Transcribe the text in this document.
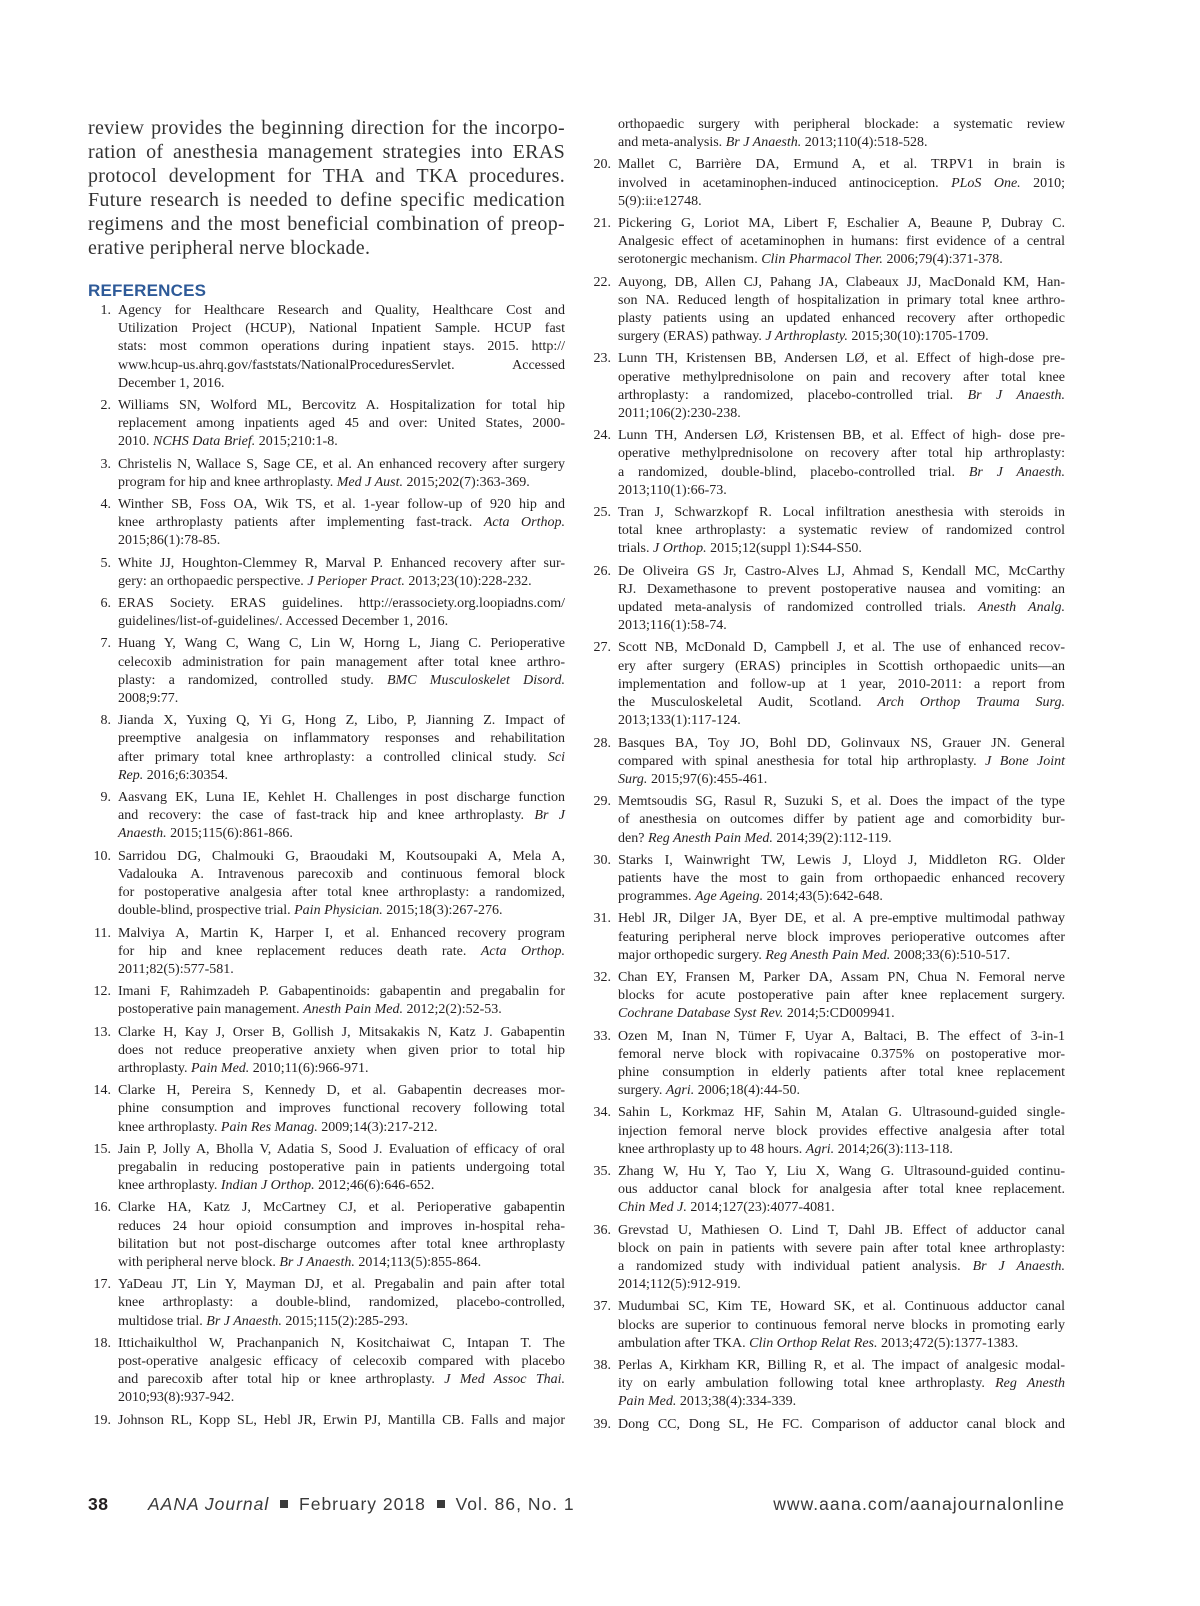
review provides the beginning direction for the incorpo-
ration of anesthesia management strategies into ERAS
protocol development for THA and TKA procedures.
Future research is needed to define specific medication
regimens and the most beneficial combination of preop-
erative peripheral nerve blockade.
REFERENCES
1. Agency for Healthcare Research and Quality, Healthcare Cost and
Utilization Project (HCUP), National Inpatient Sample. HCUP fast
stats: most common operations during inpatient stays. 2015. http://
www.hcup-us.ahrq.gov/faststats/NationalProceduresServlet. Accessed
December 1, 2016.
2. Williams SN, Wolford ML, Bercovitz A. Hospitalization for total hip
replacement among inpatients aged 45 and over: United States, 2000-
2010. NCHS Data Brief. 2015;210:1-8.
3. Christelis N, Wallace S, Sage CE, et al. An enhanced recovery after surgery
program for hip and knee arthroplasty. Med J Aust. 2015;202(7):363-369.
4. Winther SB, Foss OA, Wik TS, et al. 1-year follow-up of 920 hip and
knee arthroplasty patients after implementing fast-track. Acta Orthop.
2015;86(1):78-85.
5. White JJ, Houghton-Clemmey R, Marval P. Enhanced recovery after sur-
gery: an orthopaedic perspective. J Perioper Pract. 2013;23(10):228-232.
6. ERAS Society. ERAS guidelines. http://erassociety.org.loopiadns.com/
guidelines/list-of-guidelines/. Accessed December 1, 2016.
7. Huang Y, Wang C, Wang C, Lin W, Horng L, Jiang C. Perioperative
celecoxib administration for pain management after total knee arthro-
plasty: a randomized, controlled study. BMC Musculoskelet Disord.
2008;9:77.
8. Jianda X, Yuxing Q, Yi G, Hong Z, Libo, P, Jianning Z. Impact of
preemptive analgesia on inflammatory responses and rehabilitation
after primary total knee arthroplasty: a controlled clinical study. Sci
Rep. 2016;6:30354.
9. Aasvang EK, Luna IE, Kehlet H. Challenges in post discharge function
and recovery: the case of fast-track hip and knee arthroplasty. Br J
Anaesth. 2015;115(6):861-866.
10. Sarridou DG, Chalmouki G, Braoudaki M, Koutsoupaki A, Mela A,
Vadalouka A. Intravenous parecoxib and continuous femoral block
for postoperative analgesia after total knee arthroplasty: a randomized,
double-blind, prospective trial. Pain Physician. 2015;18(3):267-276.
11. Malviya A, Martin K, Harper I, et al. Enhanced recovery program
for hip and knee replacement reduces death rate. Acta Orthop.
2011;82(5):577-581.
12. Imani F, Rahimzadeh P. Gabapentinoids: gabapentin and pregabalin for
postoperative pain management. Anesth Pain Med. 2012;2(2):52-53.
13. Clarke H, Kay J, Orser B, Gollish J, Mitsakakis N, Katz J. Gabapentin
does not reduce preoperative anxiety when given prior to total hip
arthroplasty. Pain Med. 2010;11(6):966-971.
14. Clarke H, Pereira S, Kennedy D, et al. Gabapentin decreases mor-
phine consumption and improves functional recovery following total
knee arthroplasty. Pain Res Manag. 2009;14(3):217-212.
15. Jain P, Jolly A, Bholla V, Adatia S, Sood J. Evaluation of efficacy of oral
pregabalin in reducing postoperative pain in patients undergoing total
knee arthroplasty. Indian J Orthop. 2012;46(6):646-652.
16. Clarke HA, Katz J, McCartney CJ, et al. Perioperative gabapentin
reduces 24 hour opioid consumption and improves in-hospital reha-
bilitation but not post-discharge outcomes after total knee arthroplasty
with peripheral nerve block. Br J Anaesth. 2014;113(5):855-864.
17. YaDeau JT, Lin Y, Mayman DJ, et al. Pregabalin and pain after total
knee arthroplasty: a double-blind, randomized, placebo-controlled,
multidose trial. Br J Anaesth. 2015;115(2):285-293.
18. Ittichaikulthol W, Prachanpanich N, Kositchaiwat C, Intapan T. The
post-operative analgesic efficacy of celecoxib compared with placebo
and parecoxib after total hip or knee arthroplasty. J Med Assoc Thai.
2010;93(8):937-942.
19. Johnson RL, Kopp SL, Hebl JR, Erwin PJ, Mantilla CB. Falls and major
orthopaedic surgery with peripheral blockade: a systematic review
and meta-analysis. Br J Anaesth. 2013;110(4):518-528.
20. Mallet C, Barrière DA, Ermund A, et al. TRPV1 in brain is
involved in acetaminophen-induced antinociception. PLoS One. 2010;
5(9):ii:e12748.
21. Pickering G, Loriot MA, Libert F, Eschalier A, Beaune P, Dubray C.
Analgesic effect of acetaminophen in humans: first evidence of a central
serotonergic mechanism. Clin Pharmacol Ther. 2006;79(4):371-378.
22. Auyong, DB, Allen CJ, Pahang JA, Clabeaux JJ, MacDonald KM, Han-
son NA. Reduced length of hospitalization in primary total knee arthro-
plasty patients using an updated enhanced recovery after orthopedic
surgery (ERAS) pathway. J Arthroplasty. 2015;30(10):1705-1709.
23. Lunn TH, Kristensen BB, Andersen LØ, et al. Effect of high-dose pre-
operative methylprednisolone on pain and recovery after total knee
arthroplasty: a randomized, placebo-controlled trial. Br J Anaesth.
2011;106(2):230-238.
24. Lunn TH, Andersen LØ, Kristensen BB, et al. Effect of high- dose pre-
operative methylprednisolone on recovery after total hip arthroplasty:
a randomized, double-blind, placebo-controlled trial. Br J Anaesth.
2013;110(1):66-73.
25. Tran J, Schwarzkopf R. Local infiltration anesthesia with steroids in
total knee arthroplasty: a systematic review of randomized control
trials. J Orthop. 2015;12(suppl 1):S44-S50.
26. De Oliveira GS Jr, Castro-Alves LJ, Ahmad S, Kendall MC, McCarthy
RJ. Dexamethasone to prevent postoperative nausea and vomiting: an
updated meta-analysis of randomized controlled trials. Anesth Analg.
2013;116(1):58-74.
27. Scott NB, McDonald D, Campbell J, et al. The use of enhanced recov-
ery after surgery (ERAS) principles in Scottish orthopaedic units—an
implementation and follow-up at 1 year, 2010-2011: a report from
the Musculoskeletal Audit, Scotland. Arch Orthop Trauma Surg.
2013;133(1):117-124.
28. Basques BA, Toy JO, Bohl DD, Golinvaux NS, Grauer JN. General
compared with spinal anesthesia for total hip arthroplasty. J Bone Joint
Surg. 2015;97(6):455-461.
29. Memtsoudis SG, Rasul R, Suzuki S, et al. Does the impact of the type
of anesthesia on outcomes differ by patient age and comorbidity bur-
den? Reg Anesth Pain Med. 2014;39(2):112-119.
30. Starks I, Wainwright TW, Lewis J, Lloyd J, Middleton RG. Older
patients have the most to gain from orthopaedic enhanced recovery
programmes. Age Ageing. 2014;43(5):642-648.
31. Hebl JR, Dilger JA, Byer DE, et al. A pre-emptive multimodal pathway
featuring peripheral nerve block improves perioperative outcomes after
major orthopedic surgery. Reg Anesth Pain Med. 2008;33(6):510-517.
32. Chan EY, Fransen M, Parker DA, Assam PN, Chua N. Femoral nerve
blocks for acute postoperative pain after knee replacement surgery.
Cochrane Database Syst Rev. 2014;5:CD009941.
33. Ozen M, Inan N, Tümer F, Uyar A, Baltaci, B. The effect of 3-in-1
femoral nerve block with ropivacaine 0.375% on postoperative mor-
phine consumption in elderly patients after total knee replacement
surgery. Agri. 2006;18(4):44-50.
34. Sahin L, Korkmaz HF, Sahin M, Atalan G. Ultrasound-guided single-
injection femoral nerve block provides effective analgesia after total
knee arthroplasty up to 48 hours. Agri. 2014;26(3):113-118.
35. Zhang W, Hu Y, Tao Y, Liu X, Wang G. Ultrasound-guided continu-
ous adductor canal block for analgesia after total knee replacement.
Chin Med J. 2014;127(23):4077-4081.
36. Grevstad U, Mathiesen O. Lind T, Dahl JB. Effect of adductor canal
block on pain in patients with severe pain after total knee arthroplasty:
a randomized study with individual patient analysis. Br J Anaesth.
2014;112(5):912-919.
37. Mudumbai SC, Kim TE, Howard SK, et al. Continuous adductor canal
blocks are superior to continuous femoral nerve blocks in promoting early
ambulation after TKA. Clin Orthop Relat Res. 2013;472(5):1377-1383.
38. Perlas A, Kirkham KR, Billing R, et al. The impact of analgesic modal-
ity on early ambulation following total knee arthroplasty. Reg Anesth
Pain Med. 2013;38(4):334-339.
39. Dong CC, Dong SL, He FC. Comparison of adductor canal block and
38 AANA Journal February 2018 Vol. 86, No. 1	www.aana.com/aanajournalonline
